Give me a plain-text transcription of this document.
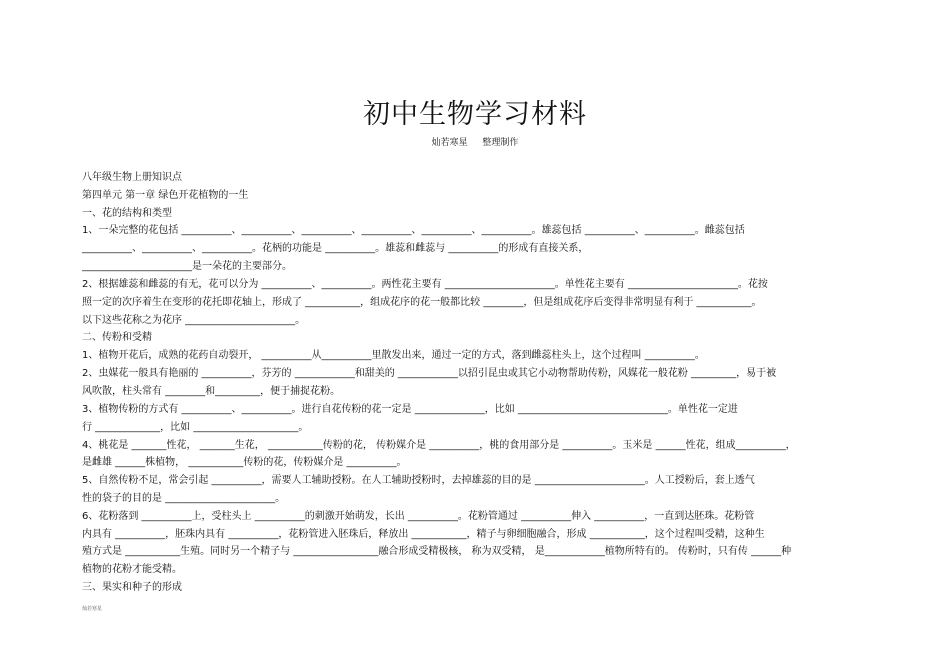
初中生物学习材料
灿若寒星 整理制作
八年级生物上册知识点
第四单元 第一章 绿色开花植物的一生
一、花的结构和类型
1、一朵完整的花包括 __________、__________、__________、__________、__________、__________。雄蕊包括 __________、__________。雌蕊包括
__________、__________、__________。花柄的功能是 __________。雄蕊和雌蕊与 __________的形成有直接关系，
______________________是一朵花的主要部分。
2、根据雄蕊和雌蕊的有无，花可以分为 __________、__________。两性花主要有 ______________________。单性花主要有 ______________________。花按
照一定的次序着生在变形的花托即花轴上，形成了 ___________，组成花序的花一般都比较 ________，但是组成花序后变得非常明显有利于 ___________。
以下这些花称之为花序 ______________________。
二、传粉和受精
1、植物开花后，成熟的花药自动裂开， __________从__________里散发出来，通过一定的方式，落到雌蕊柱头上，这个过程叫 __________。
2、虫媒花一般具有艳丽的 __________，芬芳的 ____________和甜美的 ____________以招引昆虫或其它小动物帮助传粉，风媒花一般花粉 _________，易于被
风吹散，柱头常有 ________和_________，便于捕捉花粉。
3、植物传粉的方式有 __________、__________。进行自花传粉的花一定是 ______________，比如 ______________________________。单性花一定进
行 _____________，比如 _____________________。
4、桃花是 _______性花， _______生花， ___________传粉的花， 传粉媒介是 __________，桃的食用部分是 __________。玉米是 ______性花，组成__________，
是雌雄 ______株植物， ___________传粉的花，传粉媒介是 __________。
5、自然传粉不足，常会引起 __________，需要人工辅助授粉。在人工辅助授粉时，去掉雄蕊的目的是 ______________________。人工授粉后，套上透气
性的袋子的目的是 ______________________。
6、花粉落到 __________上，受柱头上 __________的刺激开始萌发，长出 __________。花粉管通过 __________伸入 __________，一直到达胚珠。花粉管
内具有 __________，胚珠内具有 __________，花粉管进入胚珠后，释放出 ___________，精子与卵细胞融合，形成 ___________，这个过程叫受精，这种生
殖方式是 ___________生殖。同时另一个精子与 _________________融合形成受精极核， 称为双受精， 是____________植物所特有的。 传粉时，只有传 ______种
植物的花粉才能受精。
三、果实和种子的形成
灿若寒星
